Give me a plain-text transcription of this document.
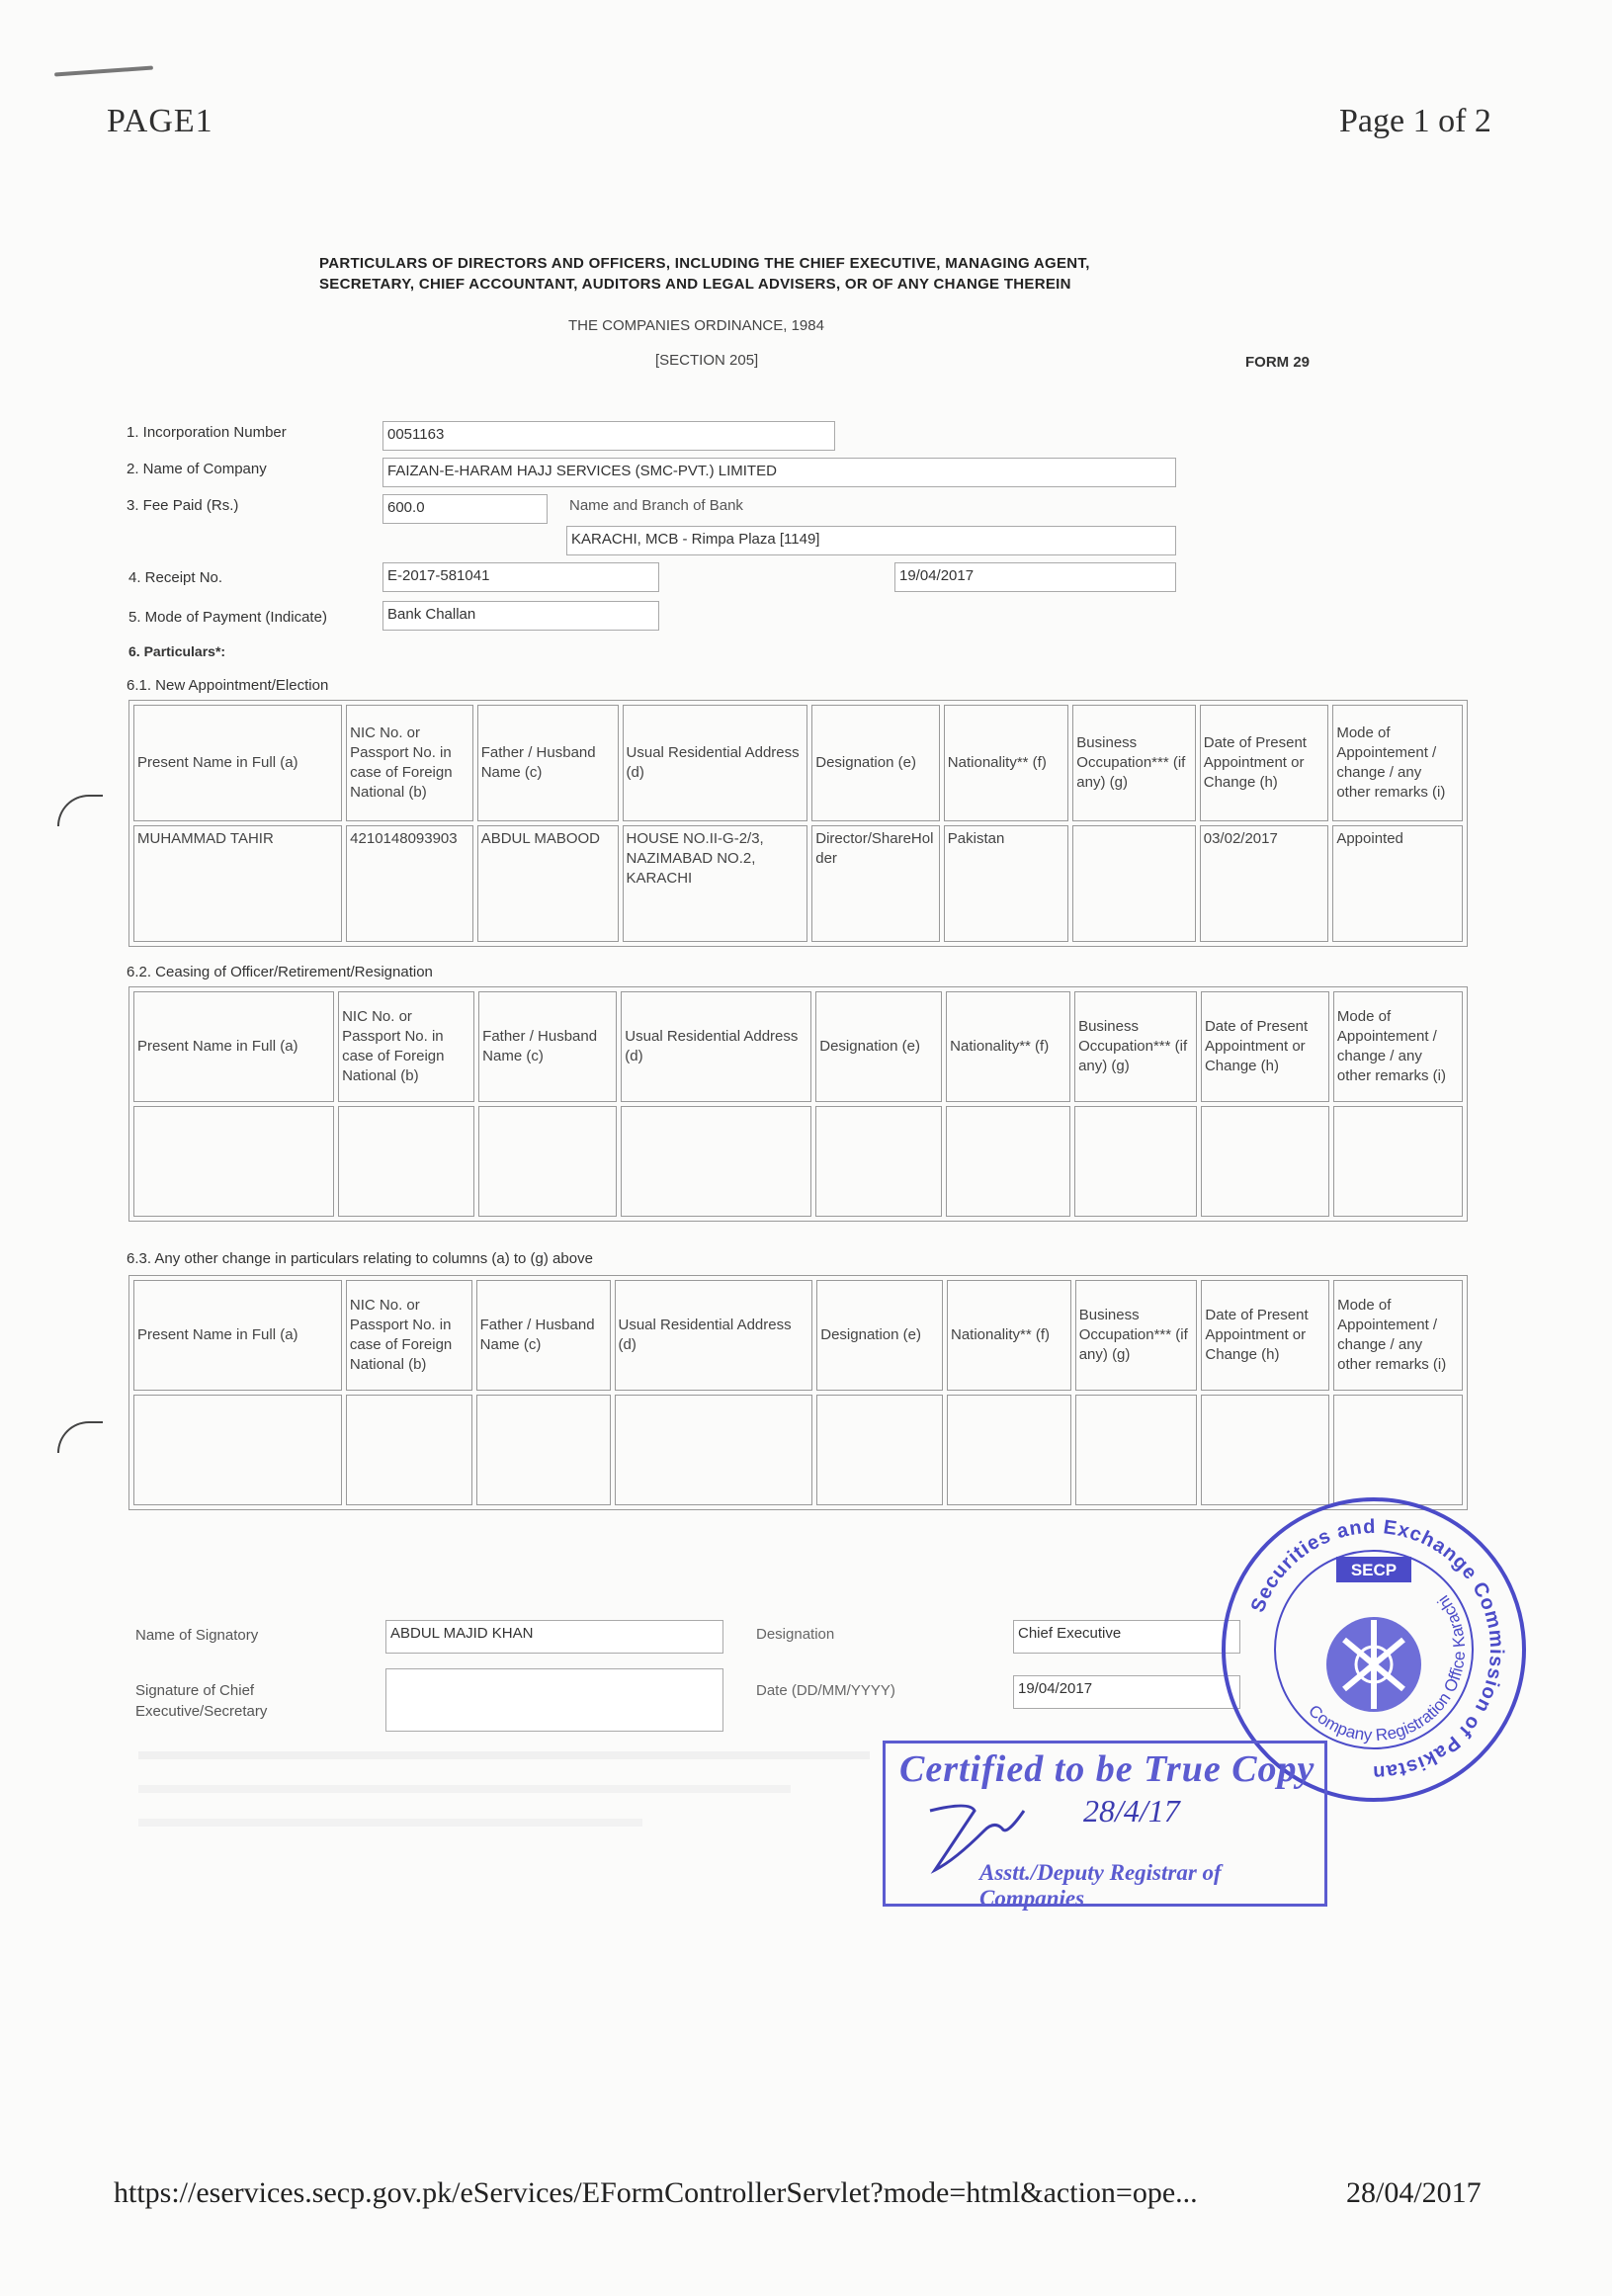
PAGE1	Page 1 of 2
PARTICULARS OF DIRECTORS AND OFFICERS, INCLUDING THE CHIEF EXECUTIVE, MANAGING AGENT,
SECRETARY, CHIEF ACCOUNTANT, AUDITORS AND LEGAL ADVISERS, OR OF ANY CHANGE THEREIN
THE COMPANIES ORDINANCE, 1984
[SECTION 205]	FORM 29
1. Incorporation Number	0051163
2. Name of Company	FAIZAN-E-HARAM HAJJ SERVICES (SMC-PVT.) LIMITED
3. Fee Paid (Rs.)	600.0	Name and Branch of Bank
KARACHI, MCB - Rimpa Plaza [1149]
4. Receipt No.	E-2017-581041	19/04/2017
5. Mode of Payment (Indicate)	Bank Challan
6. Particulars*:
6.1. New Appointment/Election
Present Name in Full (a)	NIC No. or Passport No. in case of Foreign National (b)	Father / Husband Name (c)	Usual Residential Address (d)	Designation (e)	Nationality** (f)	Business Occupation*** (if any) (g)	Date of Present Appointment or Change (h)	Mode of Appointement / change / any other remarks (i)
MUHAMMAD TAHIR	4210148093903	ABDUL MABOOD	HOUSE NO.II-G-2/3, NAZIMABAD NO.2, KARACHI	Director/ShareHolder	Pakistan		03/02/2017	Appointed
6.2. Ceasing of Officer/Retirement/Resignation
Present Name in Full (a)	NIC No. or Passport No. in case of Foreign National (b)	Father / Husband Name (c)	Usual Residential Address (d)	Designation (e)	Nationality** (f)	Business Occupation*** (if any) (g)	Date of Present Appointment or Change (h)	Mode of Appointement / change / any other remarks (i)

6.3. Any other change in particulars relating to columns (a) to (g) above
Present Name in Full (a)	NIC No. or Passport No. in case of Foreign National (b)	Father / Husband Name (c)	Usual Residential Address (d)	Designation (e)	Nationality** (f)	Business Occupation*** (if any) (g)	Date of Present Appointment or Change (h)	Mode of Appointement / change / any other remarks (i)

Name of Signatory	ABDUL MAJID KHAN	Designation	Chief Executive
Signature of Chief
Executive/Secretary
Date (DD/MM/YYYY)	19/04/2017
Securities and Exchange Commission of Pakistan
Company Registration Office Karachi
SECP
Certified to be True Copy
28/4/17
Asstt./Deputy Registrar of Companies
https://eservices.secp.gov.pk/eServices/EFormControllerServlet?mode=html&action=ope...	28/04/2017
